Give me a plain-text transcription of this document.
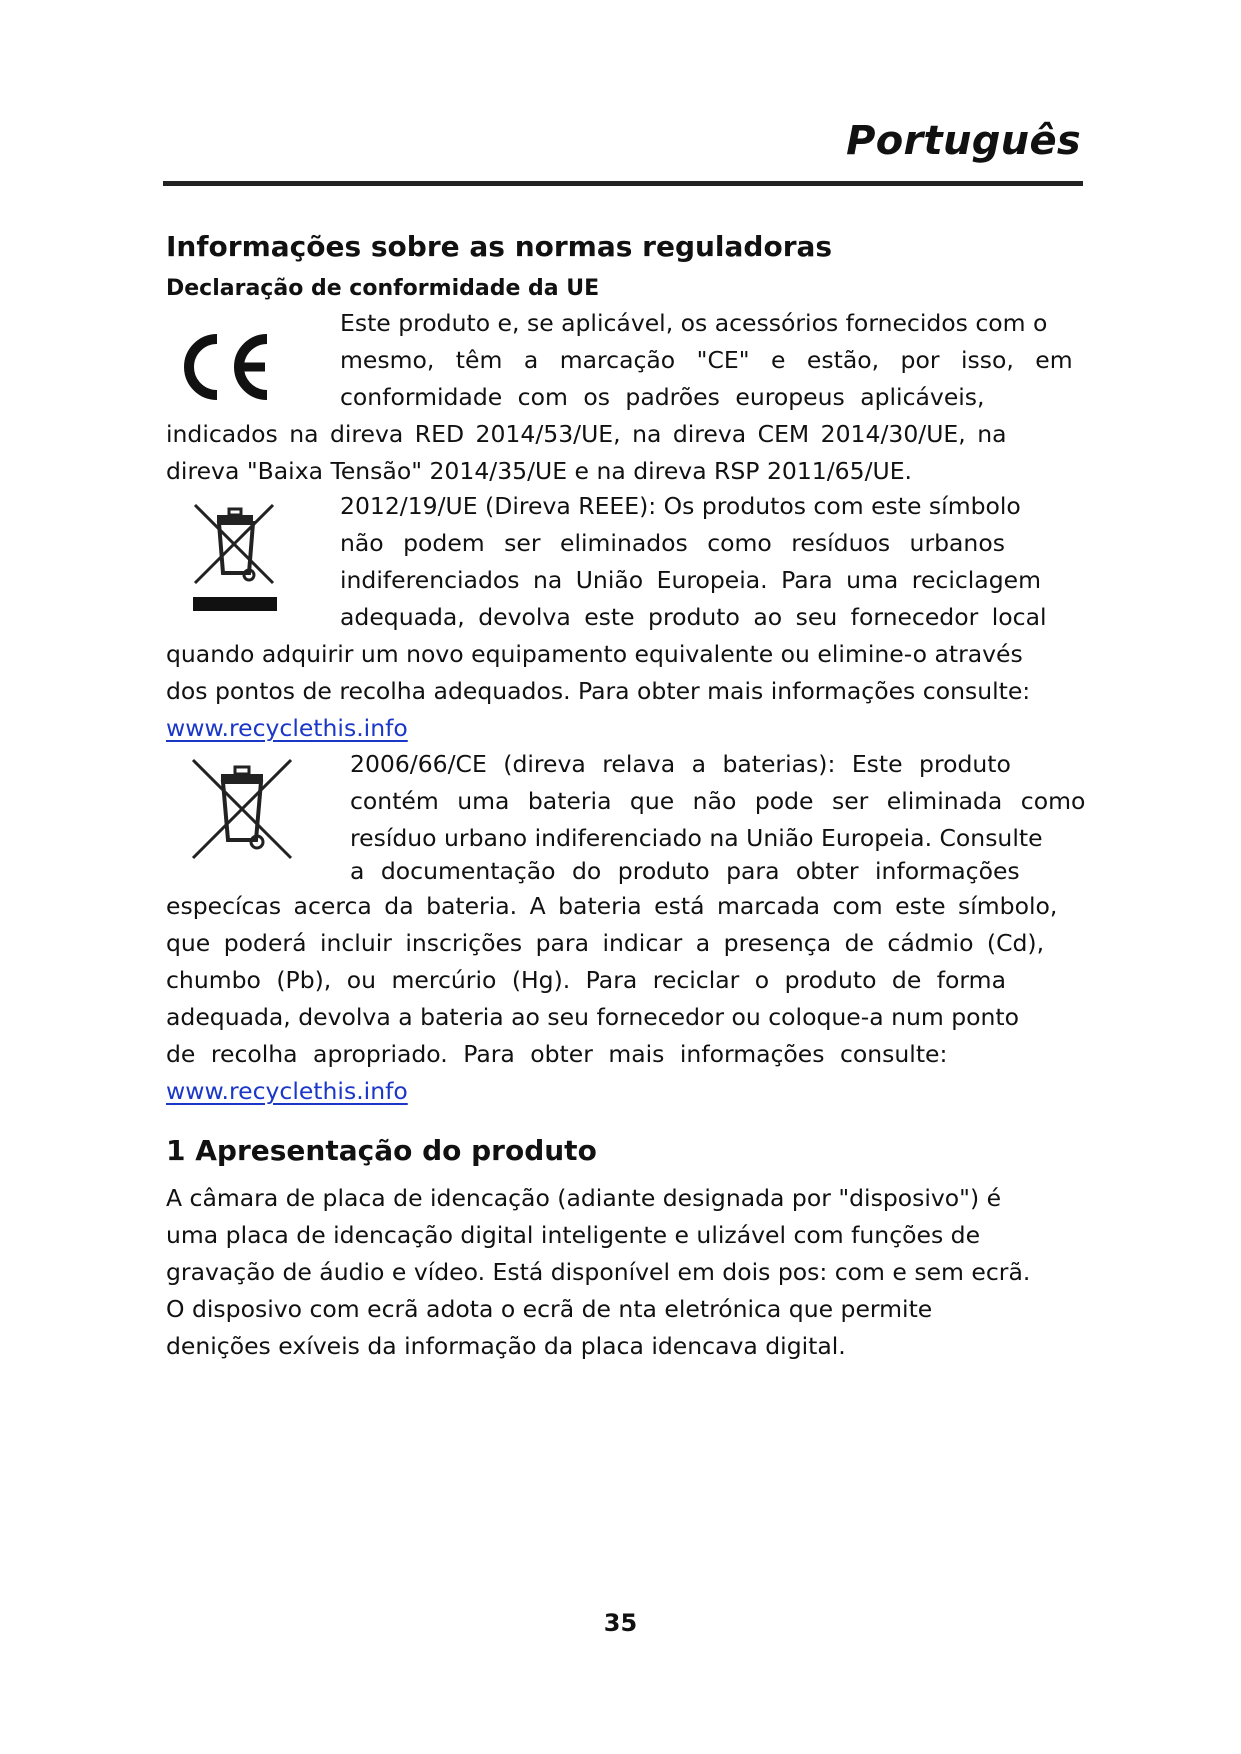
Português
Informações sobre as normas reguladoras
Declaração de conformidade da UE

Este produto e, se aplicável, os acessórios fornecidos com o

mesmo, têm a marcação "CE" e estão, por isso, em

conformidade com os padrões europeus aplicáveis,

indicados na direva RED 2014/53/UE, na direva CEM 2014/30/UE, na

direva "Baixa Tensão" 2014/35/UE e na direva RSP 2011/65/UE.

2012/19/UE (Direva REEE): Os produtos com este símbolo

não podem ser eliminados como resíduos urbanos

indiferenciados na União Europeia. Para uma reciclagem

adequada, devolva este produto ao seu fornecedor local

quando adquirir um novo equipamento equivalente ou elimine-o através

dos pontos de recolha adequados. Para obter mais informações consulte:

www.recyclethis.info

2006/66/CE (direva relava a baterias): Este produto

contém uma bateria que não pode ser eliminada como

resíduo urbano indiferenciado na União Europeia. Consulte

a documentação do produto para obter informações

especícas acerca da bateria. A bateria está marcada com este símbolo,

que poderá incluir inscrições para indicar a presença de cádmio (Cd),

chumbo (Pb), ou mercúrio (Hg). Para reciclar o produto de forma

adequada, devolva a bateria ao seu fornecedor ou coloque-a num ponto

de recolha apropriado. Para obter mais informações consulte:

www.recyclethis.info
1 Apresentação do produto

A câmara de placa de idencação (adiante designada por "disposivo") é

uma placa de idencação digital inteligente e ulizável com funções de

gravação de áudio e vídeo. Está disponível em dois pos: com e sem ecrã.

O disposivo com ecrã adota o ecrã de nta eletrónica que permite

denições exíveis da informação da placa idencava digital.

35
